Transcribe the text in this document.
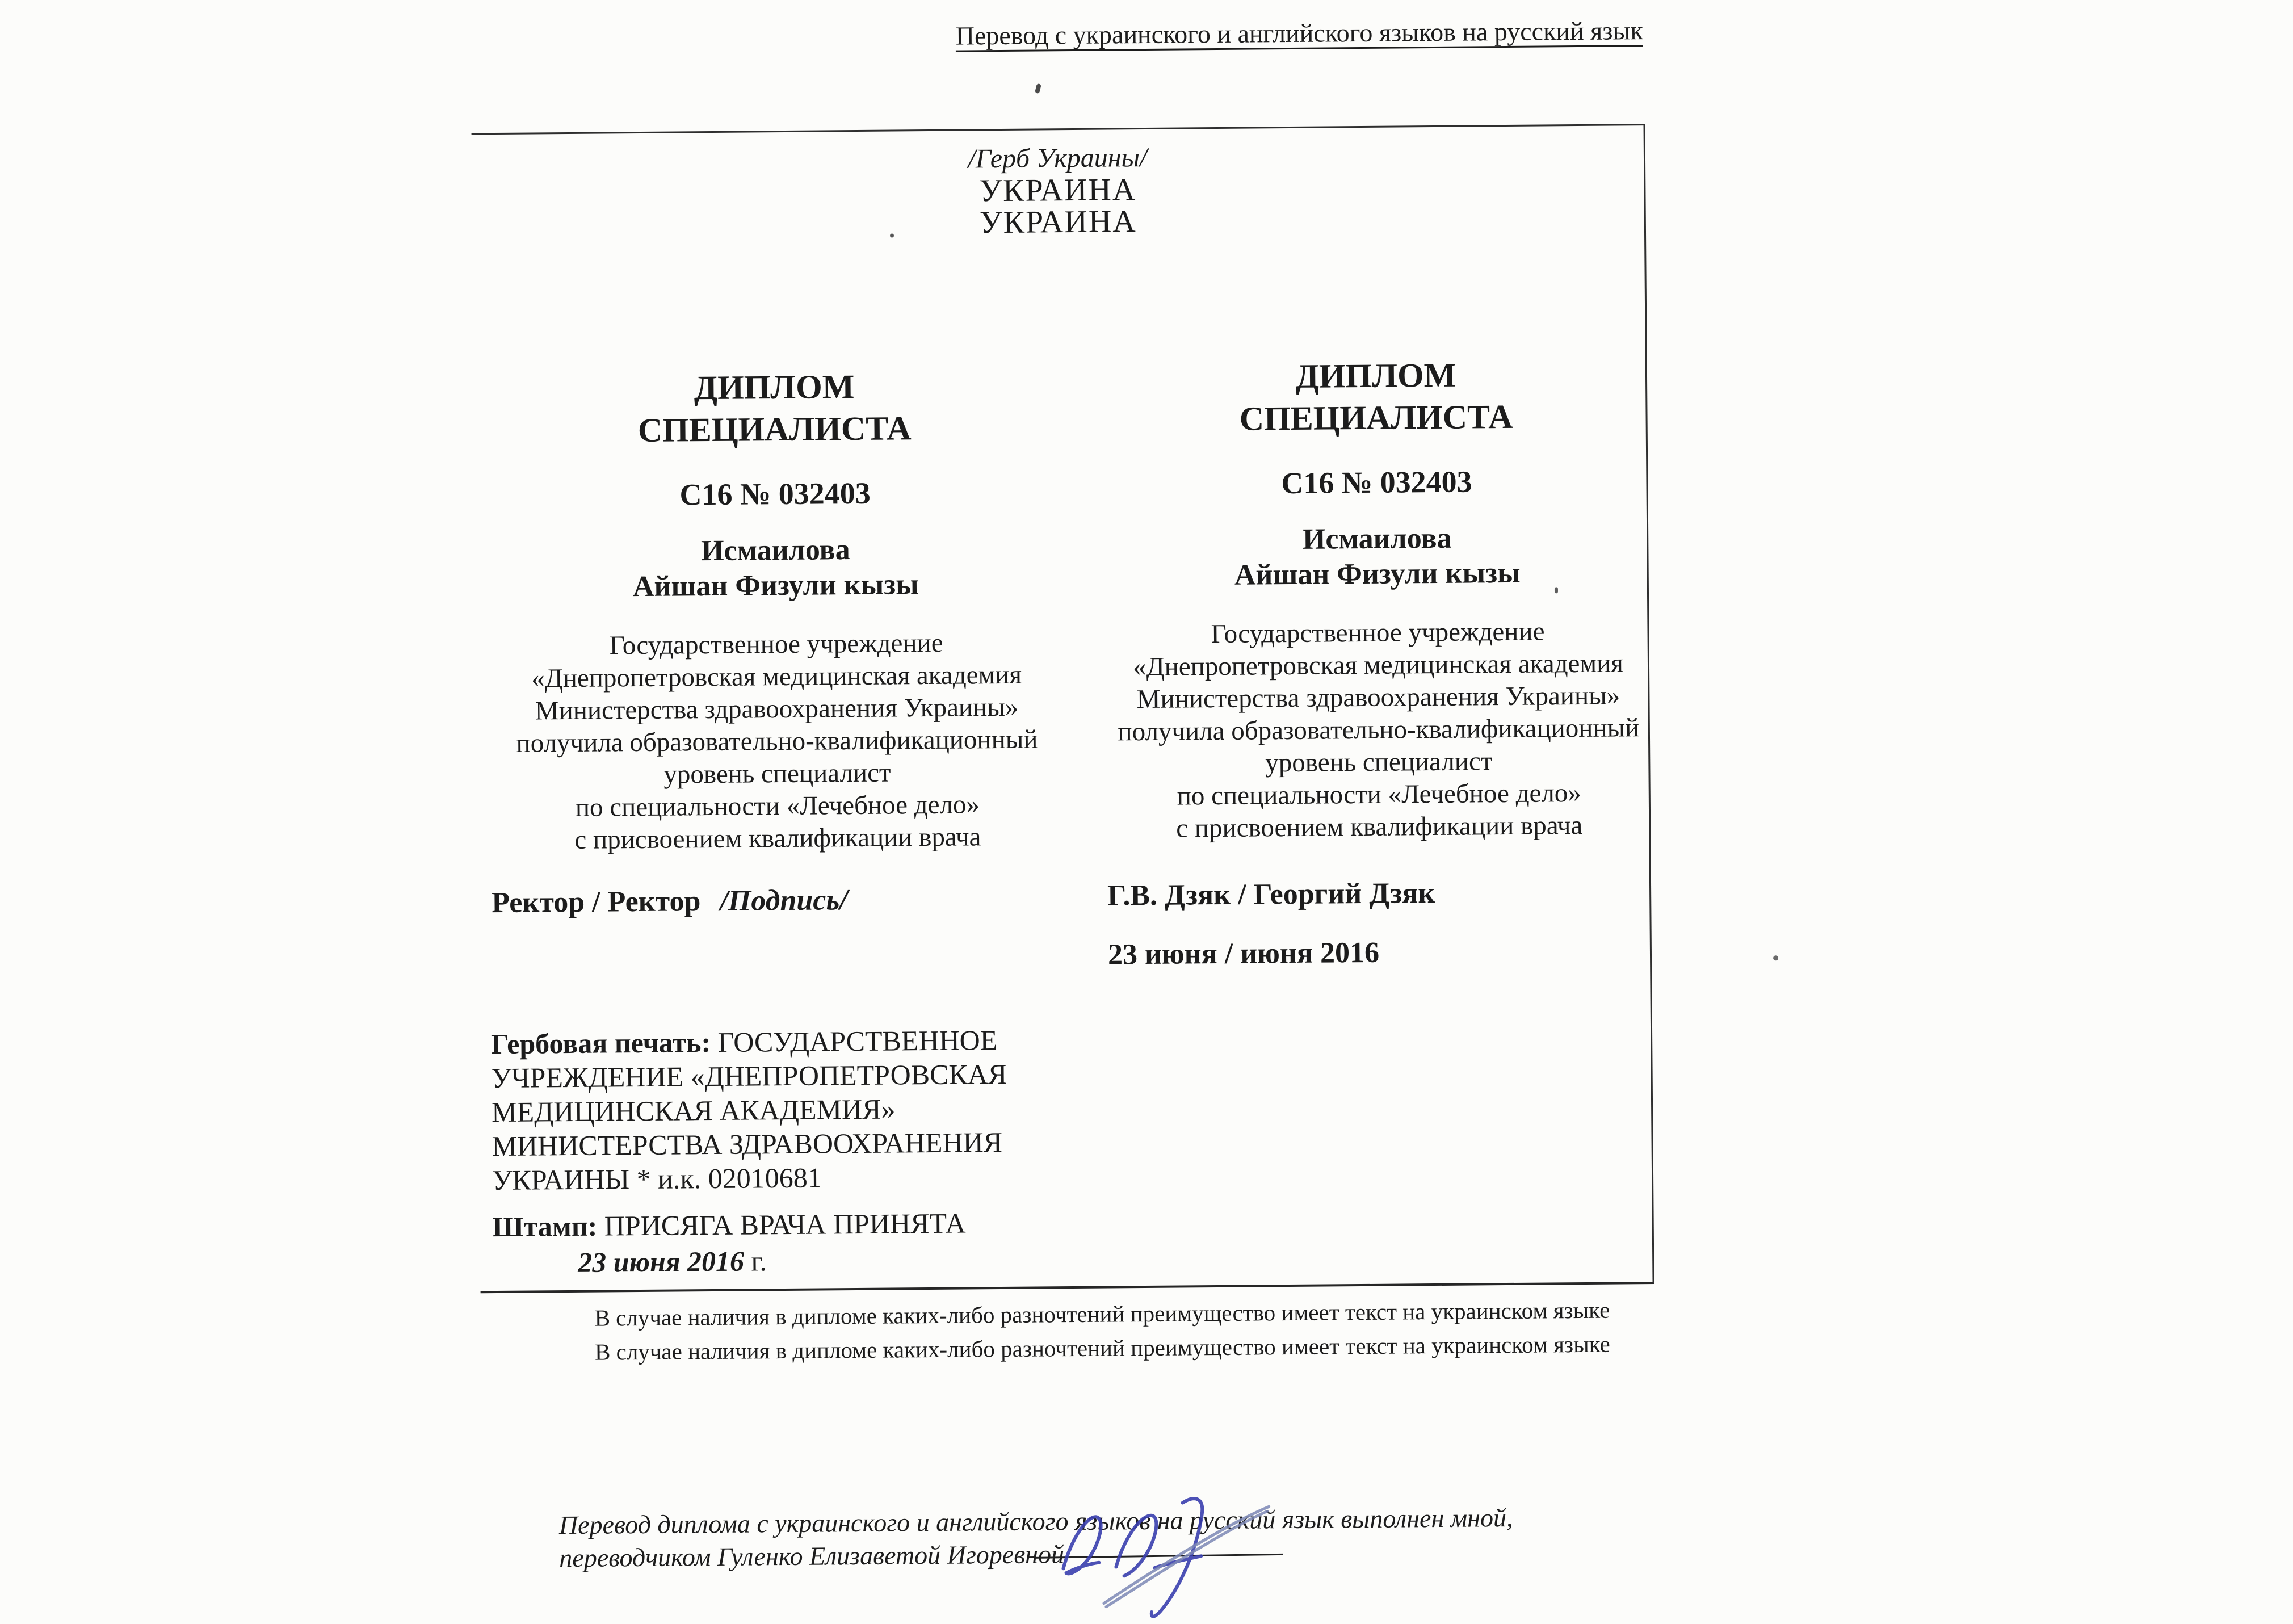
Перевод с украинского и английского языков на русский язык
/Герб Украины/
УКРАИНА
УКРАИНА
ДИПЛОМ
СПЕЦИАЛИСТА
С16 № 032403
Исмаилова
Айшан Физули кызы
Государственное учреждение
«Днепропетровская медицинская академия
Министерства здравоохранения Украины»
получила образовательно-квалификационный
уровень специалист
по специальности «Лечебное дело»
с присвоением квалификации врача
ДИПЛОМ
СПЕЦИАЛИСТА
С16 № 032403
Исмаилова
Айшан Физули кызы
Государственное учреждение
«Днепропетровская медицинская академия
Министерства здравоохранения Украины»
получила образовательно-квалификационный
уровень специалист
по специальности «Лечебное дело»
с присвоением квалификации врача
Ректор / Ректор /Подпись/	Г.В. Дзяк / Георгий Дзяк
23 июня / июня 2016
Гербовая печать: ГОСУДАРСТВЕННОЕ
УЧРЕЖДЕНИЕ «ДНЕПРОПЕТРОВСКАЯ
МЕДИЦИНСКАЯ АКАДЕМИЯ»
МИНИСТЕРСТВА ЗДРАВООХРАНЕНИЯ
УКРАИНЫ * и.к. 02010681
Штамп: ПРИСЯГА ВРАЧА ПРИНЯТА
23 июня 2016 г.
В случае наличия в дипломе каких-либо разночтений преимущество имеет текст на украинском языке
В случае наличия в дипломе каких-либо разночтений преимущество имеет текст на украинском языке
Перевод диплома с украинского и английского языков на русский язык выполнен мной,
переводчиком Гуленко Елизаветой Игоревной
